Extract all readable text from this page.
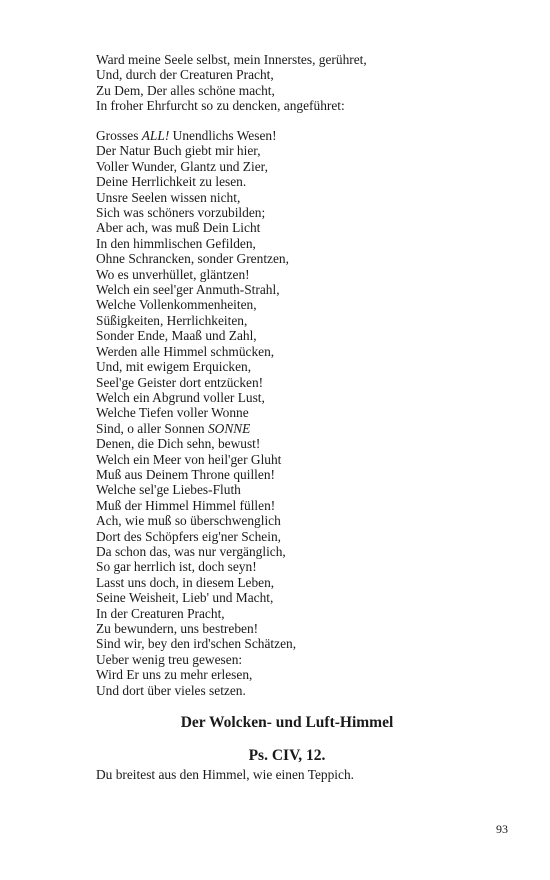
Ward meine Seele selbst, mein Innerstes, gerühret,
Und, durch der Creaturen Pracht,
Zu Dem, Der alles schöne macht,
In froher Ehrfurcht so zu dencken, angeführet:
Grosses ALL! Unendlichs Wesen!
Der Natur Buch giebt mir hier,
Voller Wunder, Glantz und Zier,
Deine Herrlichkeit zu lesen.
Unsre Seelen wissen nicht,
Sich was schöners vorzubilden;
Aber ach, was muß Dein Licht
In den himmlischen Gefilden,
Ohne Schrancken, sonder Grentzen,
Wo es unverhüllet, gläntzen!
Welch ein seel'ger Anmuth-Strahl,
Welche Vollenkommenheiten,
Süßigkeiten, Herrlichkeiten,
Sonder Ende, Maaß und Zahl,
Werden alle Himmel schmücken,
Und, mit ewigem Erquicken,
Seel'ge Geister dort entzücken!
Welch ein Abgrund voller Lust,
Welche Tiefen voller Wonne
Sind, o aller Sonnen SONNE
Denen, die Dich sehn, bewust!
Welch ein Meer von heil'ger Gluht
Muß aus Deinem Throne quillen!
Welche sel'ge Liebes-Fluth
Muß der Himmel Himmel füllen!
Ach, wie muß so überschwenglich
Dort des Schöpfers eig'ner Schein,
Da schon das, was nur vergänglich,
So gar herrlich ist, doch seyn!
Lasst uns doch, in diesem Leben,
Seine Weisheit, Lieb' und Macht,
In der Creaturen Pracht,
Zu bewundern, uns bestreben!
Sind wir, bey den ird'schen Schätzen,
Ueber wenig treu gewesen:
Wird Er uns zu mehr erlesen,
Und dort über vieles setzen.
Der Wolcken- und Luft-Himmel
Ps. CIV, 12.

Du breitest aus den Himmel, wie einen Teppich.

93
